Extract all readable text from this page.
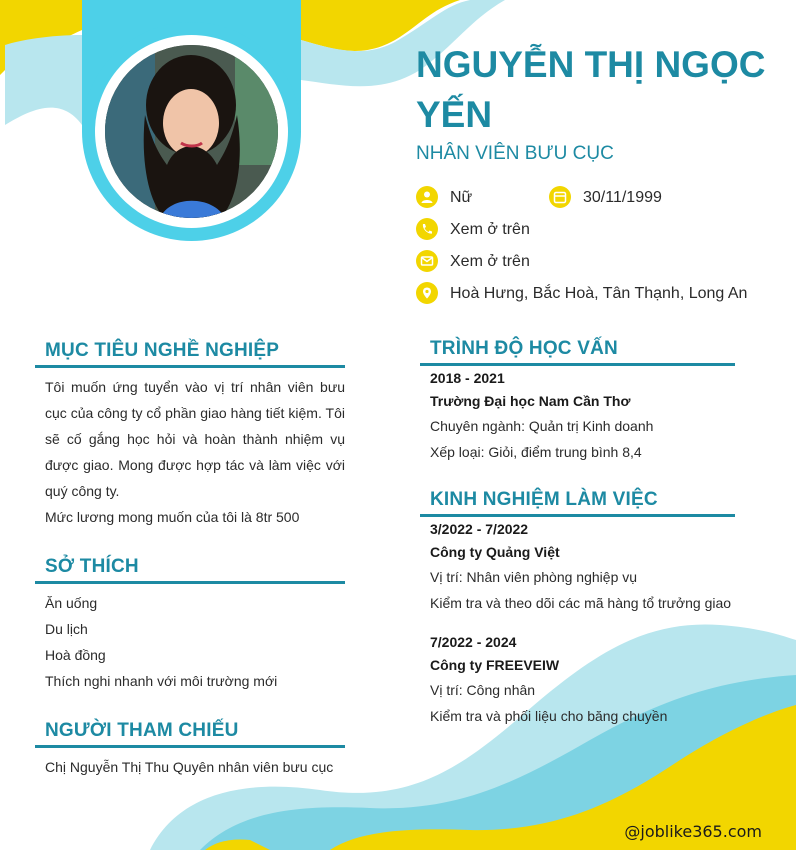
NGUYỄN THỊ NGỌC YẾN
NHÂN VIÊN BƯU CỤC
Nữ	30/11/1999
Xem ở trên
Xem ở trên
Hoà Hưng, Bắc Hoà, Tân Thạnh, Long An
MỤC TIÊU NGHỀ NGHIỆP
Tôi muốn ứng tuyển vào vị trí nhân viên bưu cục của công ty cổ phần giao hàng tiết kiệm. Tôi sẽ cố gắng học hỏi và hoàn thành nhiệm vụ được giao. Mong được hợp tác và làm việc với quý công ty.
Mức lương mong muốn của tôi là 8tr 500
SỞ THÍCH
Ăn uống
Du lịch
Hoà đồng
Thích nghi nhanh với môi trường mới
NGƯỜI THAM CHIẾU
Chị Nguyễn Thị Thu Quyên nhân viên bưu cục
TRÌNH ĐỘ HỌC VẤN
2018 - 2021
Trường Đại học Nam Cần Thơ
Chuyên ngành: Quản trị Kinh doanh
Xếp loại: Giỏi, điểm trung bình 8,4
KINH NGHIỆM LÀM VIỆC
3/2022 - 7/2022
Công ty Quảng Việt
Vị trí: Nhân viên phòng nghiệp vụ
Kiểm tra và theo dõi các mã hàng tổ trưởng giao
7/2022 - 2024
Công ty FREEVEIW
Vị trí: Công nhân
Kiểm tra và phối liệu cho băng chuyền
@joblike365.com
